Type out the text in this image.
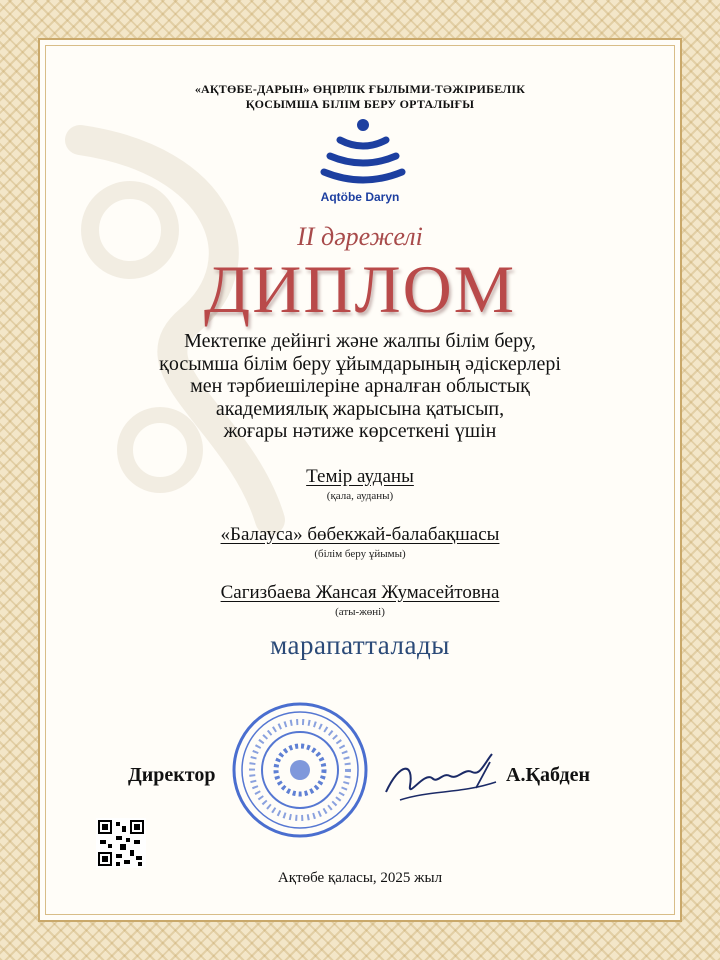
«АҚТӨБЕ-ДАРЫН» ӨҢІРЛІК ҒЫЛЫМИ-ТӘЖІРИБЕЛІК
ҚОСЫМША БІЛІМ БЕРУ ОРТАЛЫҒЫ
Aqtöbe Daryn
II дәрежелі
ДИПЛОМ
Мектепке дейінгі және жалпы білім беру,
қосымша білім беру ұйымдарының әдіскерлері
мен тәрбиешілеріне арналған облыстық
академиялық жарысына қатысып,
жоғары нәтиже көрсеткені үшін
Темір ауданы
(қала, ауданы)
«Балауса» бөбекжай-балабақшасы
(білім беру ұйымы)
Сагизбаева Жансая Жумасейтовна
(аты-жөні)
марапатталады
Директор	А.Қабден
Ақтөбе қаласы, 2025 жыл
